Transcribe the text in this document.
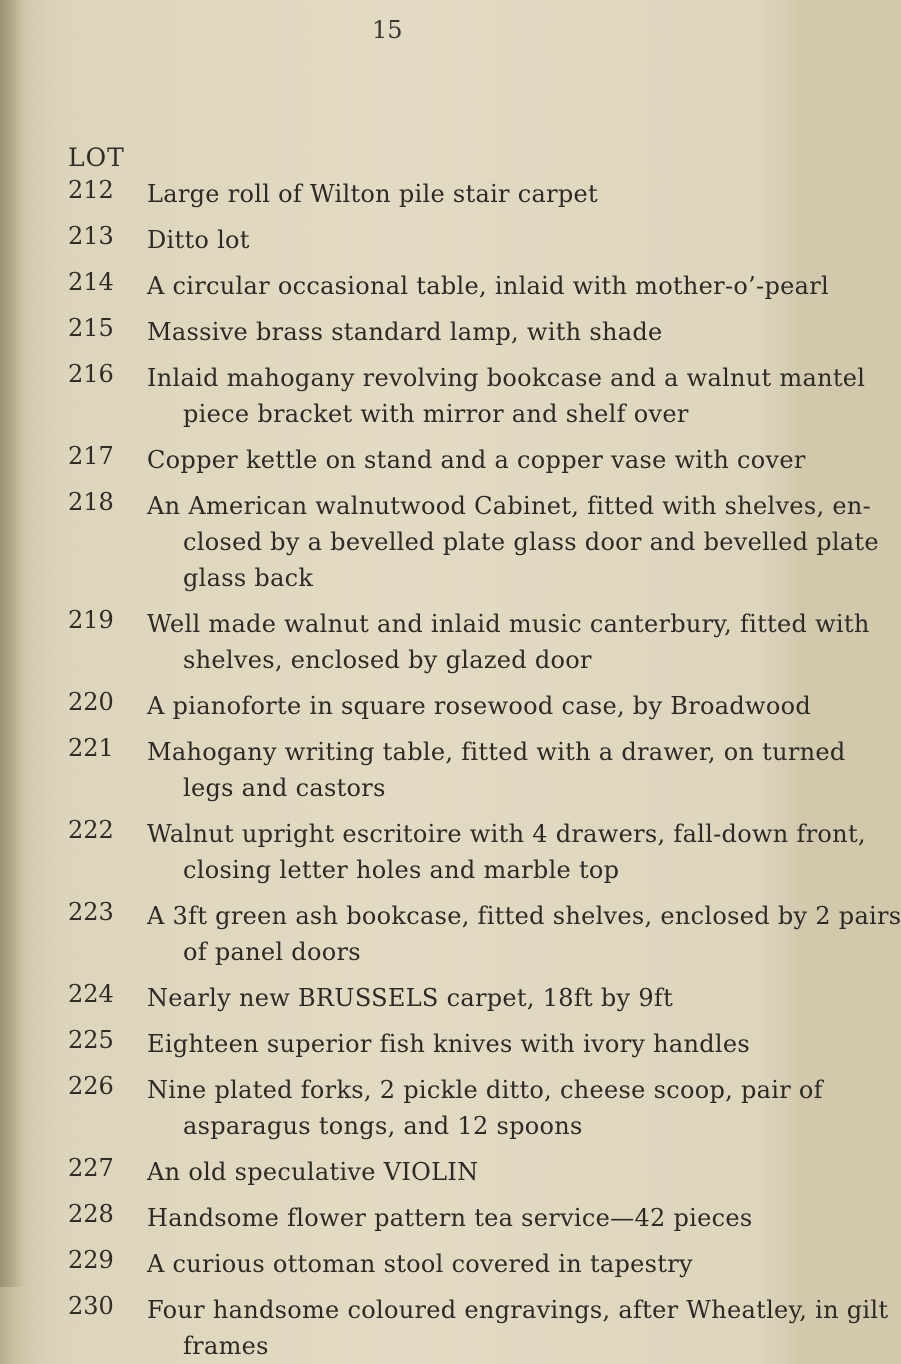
15
LOT
212 Large roll of Wilton pile stair carpet

213 Ditto lot

214 A circular occasional table, inlaid with mother-o’-pearl

215 Massive brass standard lamp, with shade

216 Inlaid mahogany revolving bookcase and a walnut mantel
piece bracket with mirror and shelf over

217 Copper kettle on stand and a copper vase with cover

218 An American walnutwood Cabinet, fitted with shelves, en-
closed by a bevelled plate glass door and bevelled plate
glass back

219 Well made walnut and inlaid music canterbury, fitted with
shelves, enclosed by glazed door

220 A pianoforte in square rosewood case, by Broadwood

221 Mahogany writing table, fitted with a drawer, on turned
legs and castors

222 Walnut upright escritoire with 4 drawers, fall-down front,
closing letter holes and marble top

223 A 3ft green ash bookcase, fitted shelves, enclosed by 2 pairs
of panel doors

224 Nearly new BRUSSELS carpet, 18ft by 9ft

225 Eighteen superior fish knives with ivory handles

226 Nine plated forks, 2 pickle ditto, cheese scoop, pair of
asparagus tongs, and 12 spoons

227 An old speculative VIOLIN

228 Handsome flower pattern tea service—42 pieces

229 A curious ottoman stool covered in tapestry

230 Four handsome coloured engravings, after Wheatley, in gilt
frames
